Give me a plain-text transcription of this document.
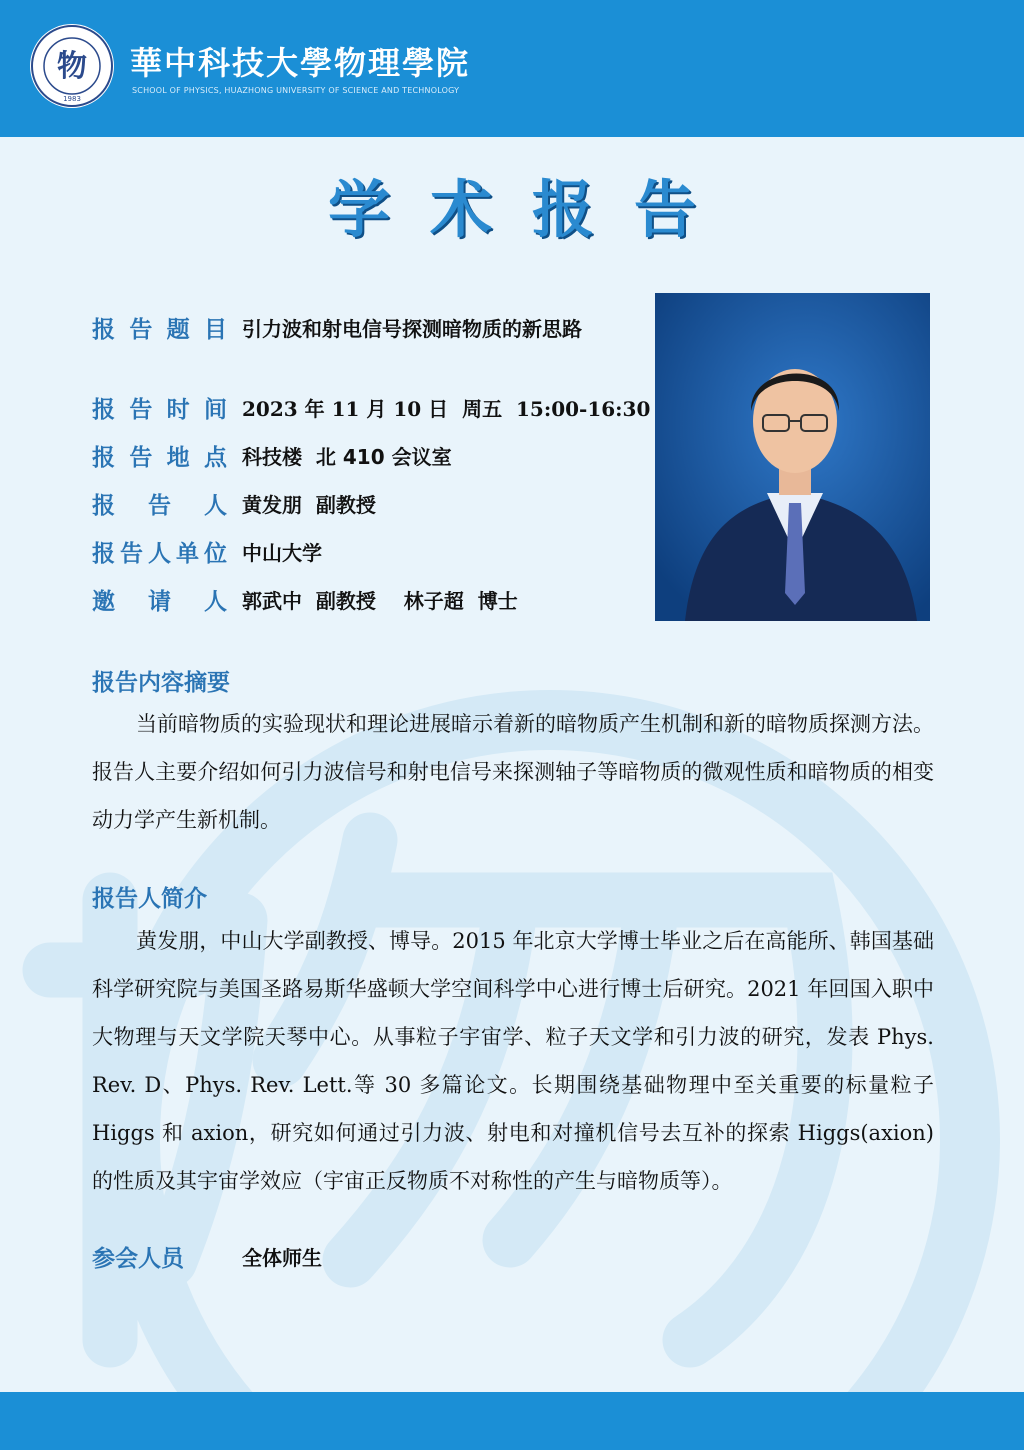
物
1983
華中科技大學物理學院
SCHOOL OF PHYSICS, HUAZHONG UNIVERSITY OF SCIENCE AND TECHNOLOGY
学术报告
报 告 题 目 引力波和射电信号探测暗物质的新思路
报 告 时 间 2023 年 11 月 10 日  周五  15:00-16:30
报 告 地 点 科技楼  北 410 会议室
报 告 人 黄发朋  副教授
报 告 人 单 位 中山大学
邀 请 人 郭武中  副教授    林子超  博士
报告内容摘要
当前暗物质的实验现状和理论进展暗示着新的暗物质产生机制和新的暗物质探测方法。报告人主要介绍如何引力波信号和射电信号来探测轴子等暗物质的微观性质和暗物质的相变动力学产生新机制。
报告人简介
黄发朋，中山大学副教授、博导。2015 年北京大学博士毕业之后在高能所、韩国基础科学研究院与美国圣路易斯华盛顿大学空间科学中心进行博士后研究。2021 年回国入职中大物理与天文学院天琴中心。从事粒子宇宙学、粒子天文学和引力波的研究，发表 Phys. Rev. D、Phys. Rev. Lett.等 30 多篇论文。长期围绕基础物理中至关重要的标量粒子 Higgs 和 axion，研究如何通过引力波、射电和对撞机信号去互补的探索 Higgs(axion)的性质及其宇宙学效应（宇宙正反物质不对称性的产生与暗物质等）。
参会人员	全体师生
